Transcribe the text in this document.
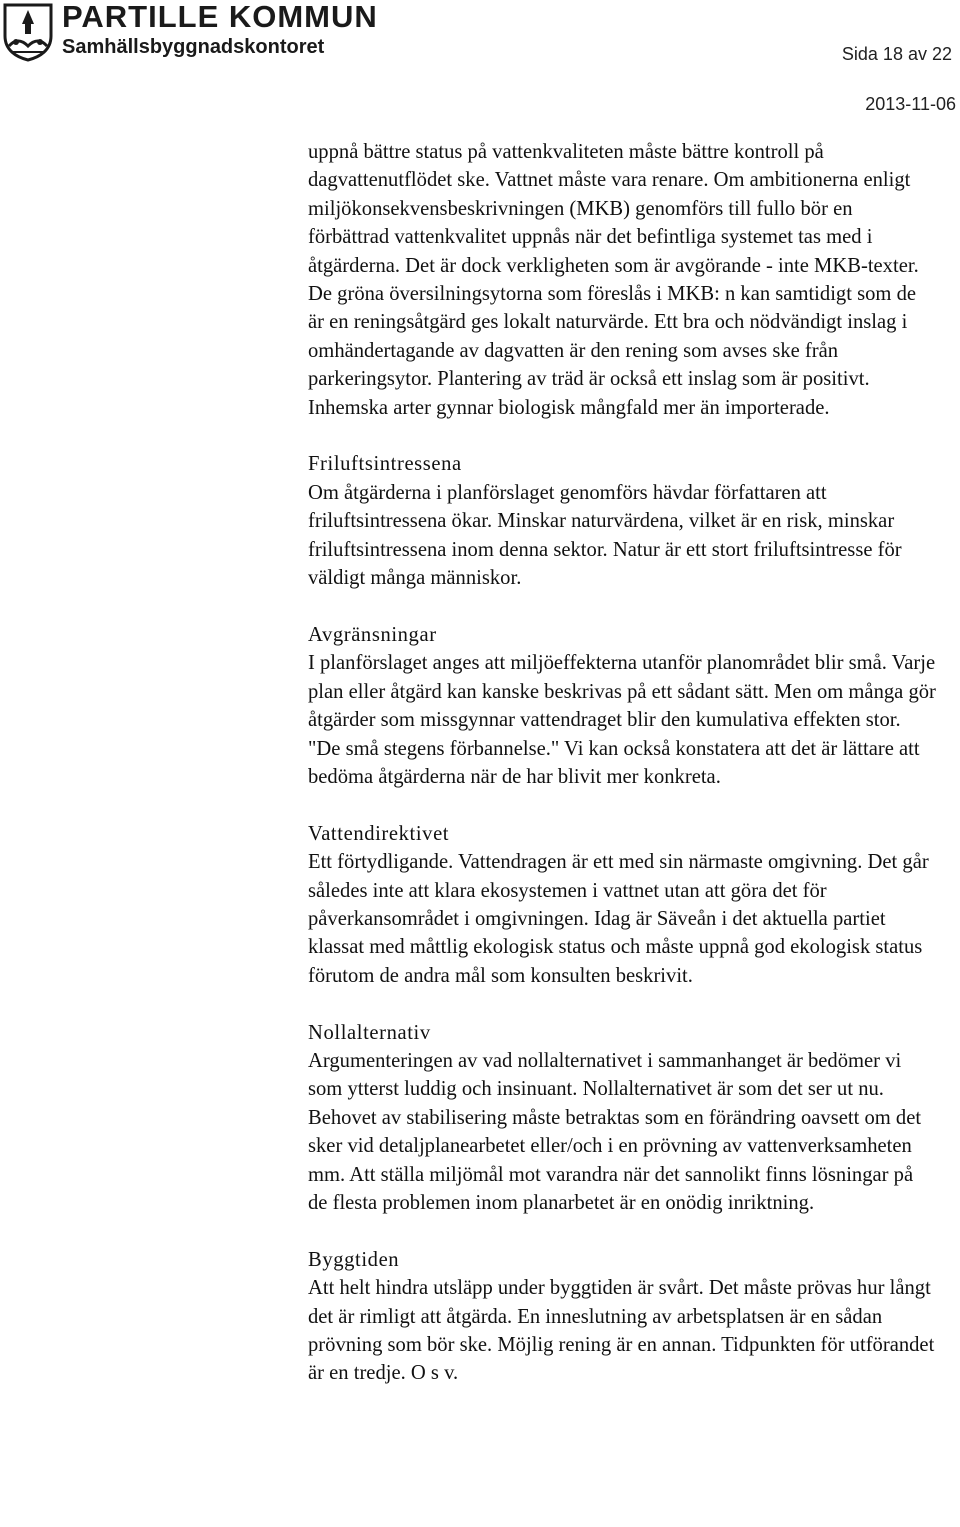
PARTILLE KOMMUN
Samhällsbyggnadskontoret	Sida 18 av 22
2013-11-06

uppnå bättre status på vattenkvaliteten måste bättre kontroll på dagvattenutflödet ske. Vattnet måste vara renare. Om ambitionerna enligt miljökonsekvensbeskrivningen (MKB) genomförs till fullo bör en förbättrad vattenkvalitet uppnås när det befintliga systemet tas med i åtgärderna. Det är dock verkligheten som är avgörande - inte MKB-texter. De gröna översilningsytorna som föreslås i MKB: n kan samtidigt som de är en reningsåtgärd ges lokalt naturvärde. Ett bra och nödvändigt inslag i omhändertagande av dagvatten är den rening som avses ske från parkeringsytor. Plantering av träd är också ett inslag som är positivt. Inhemska arter gynnar biologisk mångfald mer än importerade.

Friluftsintressena

Om åtgärderna i planförslaget genomförs hävdar författaren att friluftsintressena ökar. Minskar naturvärdena, vilket är en risk, minskar friluftsintressena inom denna sektor. Natur är ett stort friluftsintresse för väldigt många människor.

Avgränsningar

I planförslaget anges att miljöeffekterna utanför planområdet blir små. Varje plan eller åtgärd kan kanske beskrivas på ett sådant sätt. Men om många gör åtgärder som missgynnar vattendraget blir den kumulativa effekten stor. "De små stegens förbannelse." Vi kan också konstatera att det är lättare att bedöma åtgärderna när de har blivit mer konkreta.

Vattendirektivet

Ett förtydligande. Vattendragen är ett med sin närmaste omgivning. Det går således inte att klara ekosystemen i vattnet utan att göra det för påverkansområdet i omgivningen. Idag är Säveån i det aktuella partiet klassat med måttlig ekologisk status och måste uppnå god ekologisk status förutom de andra mål som konsulten beskrivit.

Nollalternativ

Argumenteringen av vad nollalternativet i sammanhanget är bedömer vi som ytterst luddig och insinuant. Nollalternativet är som det ser ut nu. Behovet av stabilisering måste betraktas som en förändring oavsett om det sker vid detaljplanearbetet eller/och i en prövning av vattenverksamheten mm. Att ställa miljömål mot varandra när det sannolikt finns lösningar på de flesta problemen inom planarbetet är en onödig inriktning.

Byggtiden

Att helt hindra utsläpp under byggtiden är svårt. Det måste prövas hur långt det är rimligt att åtgärda. En inneslutning av arbetsplatsen är en sådan prövning som bör ske. Möjlig rening är en annan. Tidpunkten för utförandet är en tredje. O s v.
